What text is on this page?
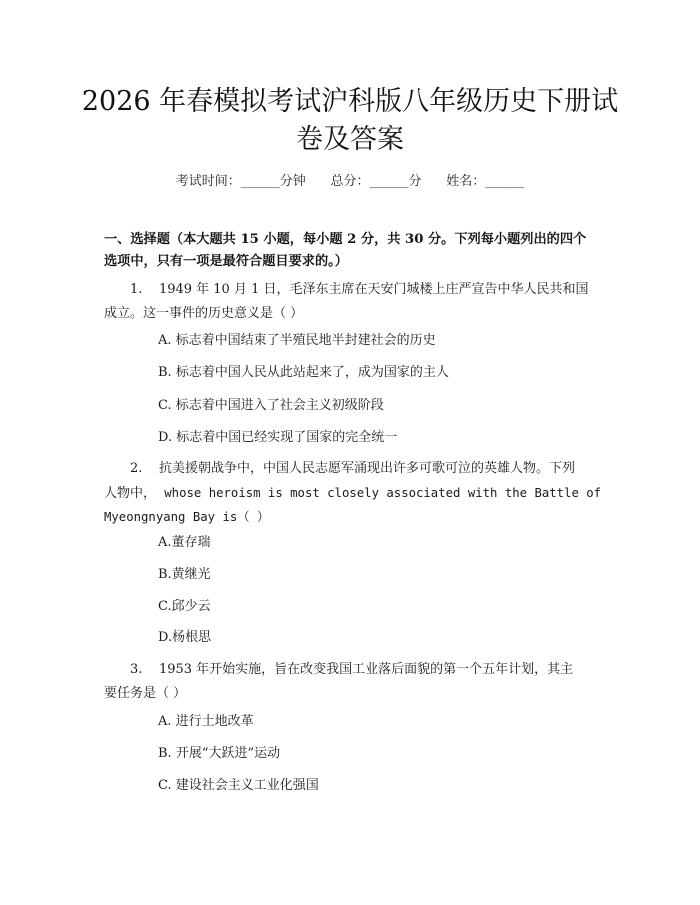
2026 年春模拟考试沪科版八年级历史下册试
卷及答案
考试时间：______分钟      总分：______分      姓名：______
一、选择题（本大题共 15 小题，每小题 2 分，共 30 分。下列每小题列出的四个
选项中，只有一项是最符合题目要求的。）
1. 1949 年 10 月 1 日，毛泽东主席在天安门城楼上庄严宣告中华人民共和国
成立。这一事件的历史意义是（ ）
A. 标志着中国结束了半殖民地半封建社会的历史
B. 标志着中国人民从此站起来了，成为国家的主人
C. 标志着中国进入了社会主义初级阶段
D. 标志着中国已经实现了国家的完全统一
2. 抗美援朝战争中，中国人民志愿军涌现出许多可歌可泣的英雄人物。下列
人物中， whose heroism is most closely associated with the Battle of
Myeongnyang Bay is（ ）
A.董存瑞
B.黄继光
C.邱少云
D.杨根思
3. 1953 年开始实施，旨在改变我国工业落后面貌的第一个五年计划，其主
要任务是（ ）
A. 进行土地改革
B. 开展“大跃进”运动
C. 建设社会主义工业化强国
